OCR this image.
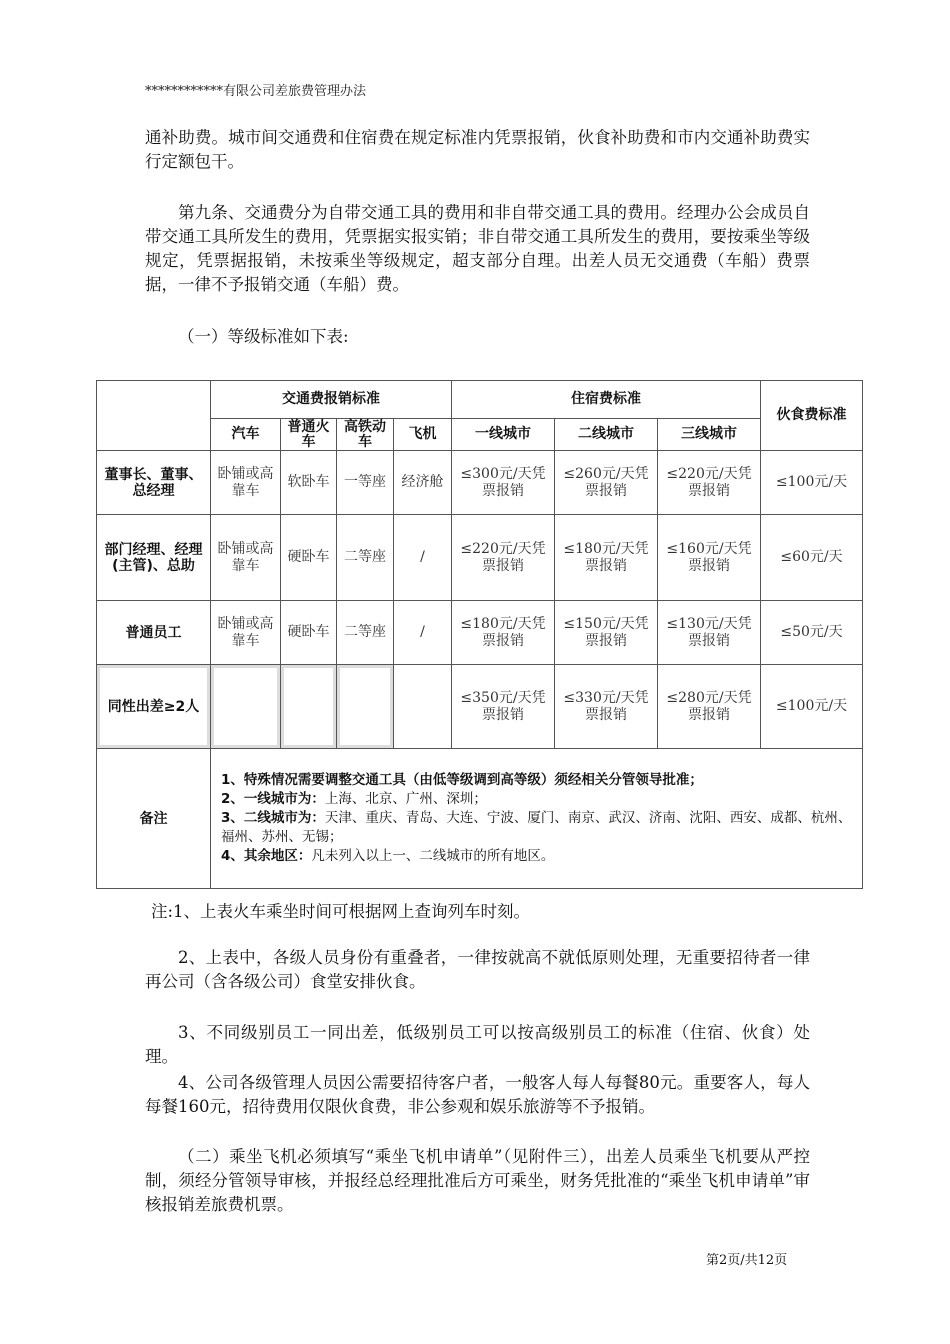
************有限公司差旅费管理办法
通补助费。城市间交通费和住宿费在规定标准内凭票报销，伙食补助费和市内交通补助费实行定额包干。
第九条、交通费分为自带交通工具的费用和非自带交通工具的费用。经理办公会成员自带交通工具所发生的费用，凭票据实报实销；非自带交通工具所发生的费用，要按乘坐等级规定，凭票据报销，未按乘坐等级规定，超支部分自理。出差人员无交通费（车船）费票据，一律不予报销交通（车船）费。
（一）等级标准如下表:
	交通费报销标准				住宿费标准			伙食费标准
	汽车	普通火车	高铁动车	飞机	一线城市	二线城市	三线城市	
董事长、董事、总经理	卧铺或高靠车	软卧车	一等座	经济舱	≤300元/天凭票报销	≤260元/天凭票报销	≤220元/天凭票报销	≤100元/天
部门经理、经理(主管)、总助	卧铺或高靠车	硬卧车	二等座	/	≤220元/天凭票报销	≤180元/天凭票报销	≤160元/天凭票报销	≤60元/天
普通员工	卧铺或高靠车	硬卧车	二等座	/	≤180元/天凭票报销	≤150元/天凭票报销	≤130元/天凭票报销	≤50元/天
同性出差≥2人					≤350元/天凭票报销	≤330元/天凭票报销	≤280元/天凭票报销	≤100元/天
备注	1、特殊情况需要调整交通工具（由低等级调到高等级）须经相关分管领导批准；
2、一线城市为：上海、北京、广州、深圳；
3、二线城市为：天津、重庆、青岛、大连、宁波、厦门、南京、武汉、济南、沈阳、西安、成都、杭州、福州、苏州、无锡；
4、其余地区：凡未列入以上一、二线城市的所有地区。							
注:1、上表火车乘坐时间可根据网上查询列车时刻。
2、上表中，各级人员身份有重叠者，一律按就高不就低原则处理，无重要招待者一律再公司（含各级公司）食堂安排伙食。
3、不同级别员工一同出差，低级别员工可以按高级别员工的标准（住宿、伙食）处理。
4、公司各级管理人员因公需要招待客户者，一般客人每人每餐80元。重要客人，每人每餐160元，招待费用仅限伙食费，非公参观和娱乐旅游等不予报销。
（二）乘坐飞机必须填写“乘坐飞机申请单”（见附件三），出差人员乘坐飞机要从严控制，须经分管领导审核，并报经总经理批准后方可乘坐，财务凭批准的“乘坐飞机申请单”审核报销差旅费机票。
第2页/共12页
